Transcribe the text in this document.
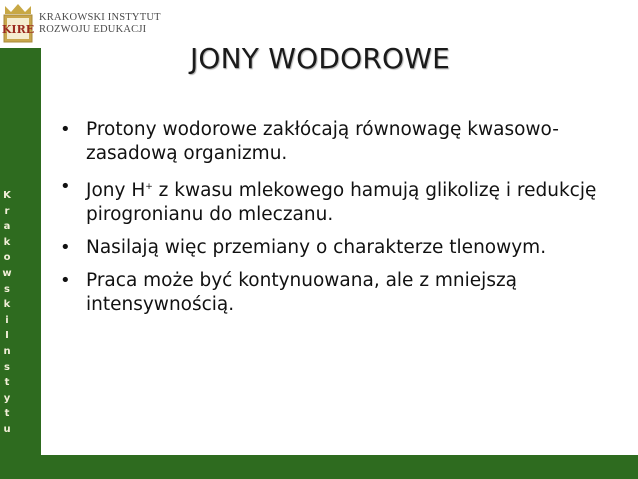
KIRE
KRAKOWSKI INSTYTUT
ROZWOJU EDUKACJI
K
r
a
k
o
w
s
k
i
I
n
s
t
y
t
u
JONY WODOROWE
• Protony wodorowe zakłócają równowagę kwasowo-zasadową organizmu.
• Jony H+ z kwasu mlekowego hamują glikolizę i redukcję pirogronianu do mleczanu.
• Nasilają więc przemiany o charakterze tlenowym.
• Praca może być kontynuowana, ale z mniejszą intensywnością.
